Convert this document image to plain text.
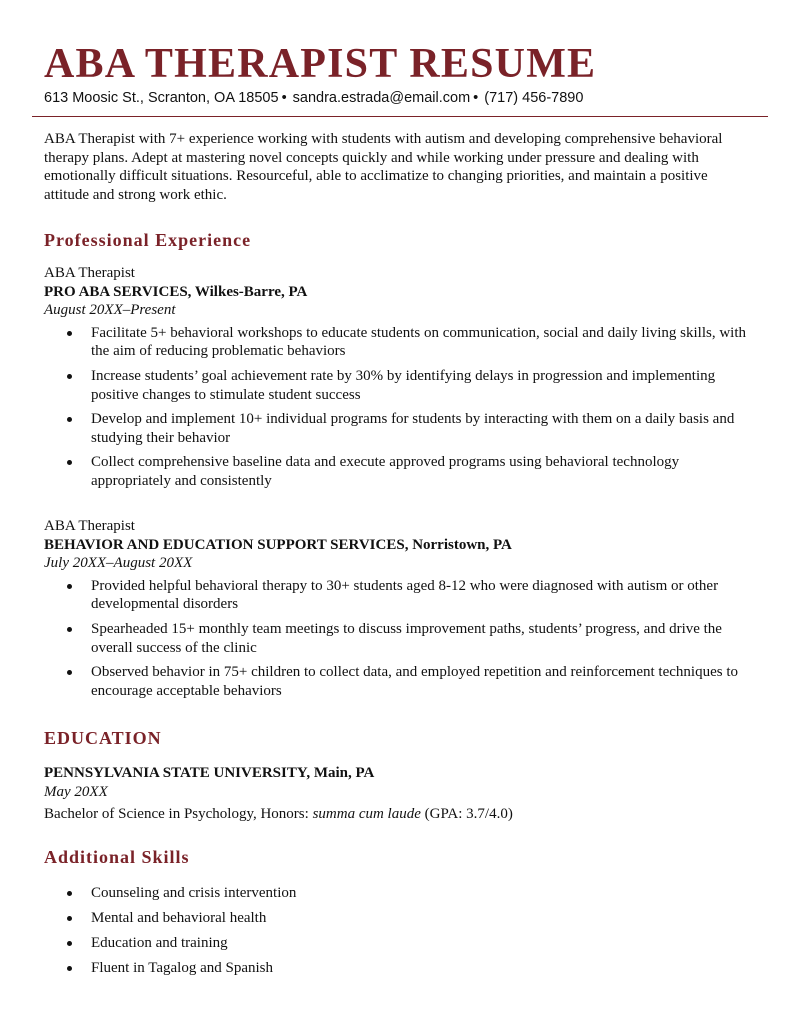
ABA THERAPIST RESUME
613 Moosic St., Scranton, OA 18505 • sandra.estrada@email.com • (717) 456-7890

ABA Therapist with 7+ experience working with students with autism and developing comprehensive behavioral therapy plans. Adept at mastering novel concepts quickly and while working under pressure and dealing with emotionally difficult situations. Resourceful, able to acclimatize to changing priorities, and maintain a positive attitude and strong work ethic.

Professional Experience
ABA Therapist
PRO ABA SERVICES, Wilkes-Barre, PA
August 20XX–Present
Facilitate 5+ behavioral workshops to educate students on communication, social and daily living skills, with the aim of reducing problematic behaviors
Increase students’ goal achievement rate by 30% by identifying delays in progression and implementing positive changes to stimulate student success
Develop and implement 10+ individual programs for students by interacting with them on a daily basis and studying their behavior
Collect comprehensive baseline data and execute approved programs using behavioral technology appropriately and consistently
ABA Therapist
BEHAVIOR AND EDUCATION SUPPORT SERVICES, Norristown, PA
July 20XX–August 20XX
Provided helpful behavioral therapy to 30+ students aged 8-12 who were diagnosed with autism or other developmental disorders
Spearheaded 15+ monthly team meetings to discuss improvement paths, students’ progress, and drive the overall success of the clinic
Observed behavior in 75+ children to collect data, and employed repetition and reinforcement techniques to encourage acceptable behaviors
EDUCATION
PENNSYLVANIA STATE UNIVERSITY, Main, PA
May 20XX
Bachelor of Science in Psychology, Honors: summa cum laude (GPA: 3.7/4.0)
Additional Skills
Counseling and crisis intervention
Mental and behavioral health
Education and training
Fluent in Tagalog and Spanish
